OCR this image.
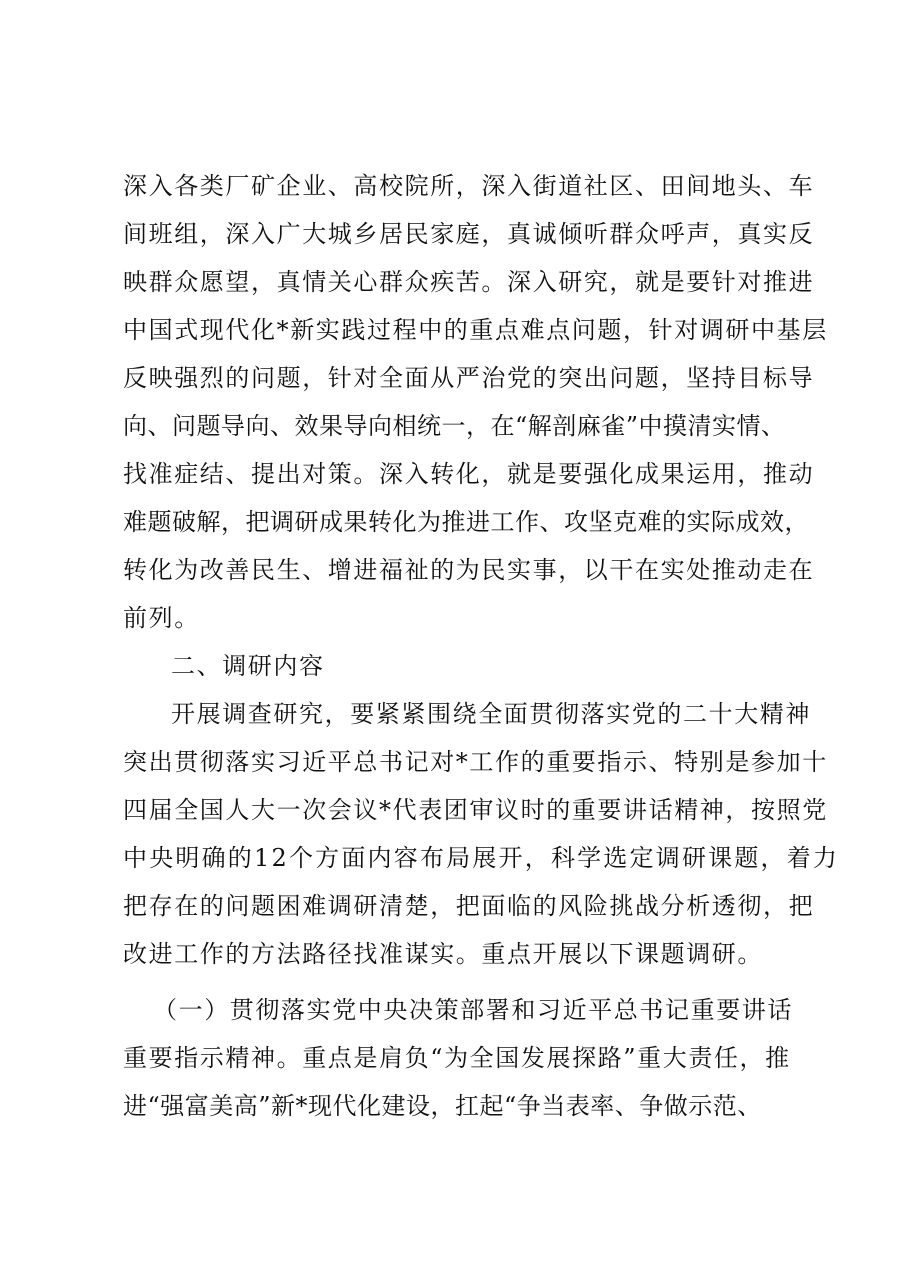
深入各类厂矿企业、高校院所，深入街道社区、田间地头、车
间班组，深入广大城乡居民家庭，真诚倾听群众呼声，真实反
映群众愿望，真情关心群众疾苦。深入研究，就是要针对推进
中国式现代化*新实践过程中的重点难点问题，针对调研中基层
反映强烈的问题，针对全面从严治党的突出问题，坚持目标导
向、问题导向、效果导向相统一，在“解剖麻雀”中摸清实情、
找准症结、提出对策。深入转化，就是要强化成果运用，推动
难题破解，把调研成果转化为推进工作、攻坚克难的实际成效，
转化为改善民生、增进福祉的为民实事，以干在实处推动走在
前列。
二、调研内容
开展调查研究，要紧紧围绕全面贯彻落实党的二十大精神
突出贯彻落实习近平总书记对*工作的重要指示、特别是参加十
四届全国人大一次会议*代表团审议时的重要讲话精神，按照党
中央明确的12个方面内容布局展开，科学选定调研课题，着力
把存在的问题困难调研清楚，把面临的风险挑战分析透彻，把
改进工作的方法路径找准谋实。重点开展以下课题调研。
（一）贯彻落实党中央决策部署和习近平总书记重要讲话
重要指示精神。重点是肩负“为全国发展探路”重大责任，推
进“强富美高”新*现代化建设，扛起“争当表率、争做示范、
